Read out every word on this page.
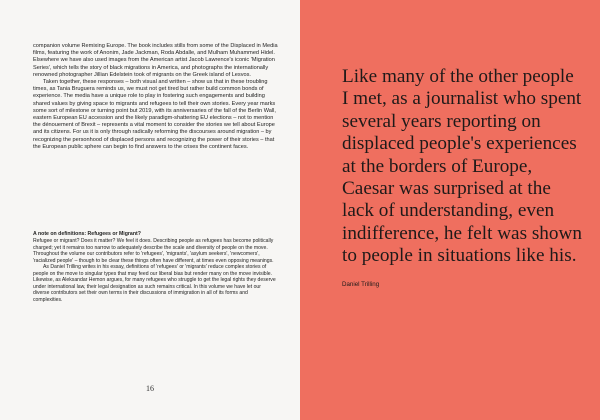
companion volume Remixing Europe. The book includes stills from some of the Displaced in Media films, featuring the work of Anonim, Jade Jackman, Roda Abdalle, and Mulham Muhammed Hidel. Elsewhere we have also used images from the American artist Jacob Lawrence's iconic 'Migration Series', which tells the story of black migrations in America, and photographs the internationally renowned photographer Jillian Edelstein took of migrants on the Greek island of Lesvos.

Taken together, these responses – both visual and written – show us that in these troubling times, as Tania Bruguera reminds us, we must not get tired but rather build common bonds of experience. The media have a unique role to play in fostering such engagements and building shared values by giving space to migrants and refugees to tell their own stories. Every year marks some sort of milestone or turning point but 2019, with its anniversaries of the fall of the Berlin Wall, eastern European EU accession and the likely paradigm-shattering EU elections – not to mention the dénouement of Brexit – represents a vital moment to consider the stories we tell about Europe and its citizens. For us it is only through radically reforming the discourses around migration – by recognizing the personhood of displaced persons and recognizing the power of their stories – that the European public sphere can begin to find answers to the crises the continent faces.

A note on definitions: Refugees or Migrant?

Refugee or migrant? Does it matter? We feel it does. Describing people as refugees has become politically charged; yet it remains too narrow to adequately describe the scale and diversity of people on the move. Throughout the volume our contributors refer to 'refugees', 'migrants', 'asylum seekers', 'newcomers', 'racialized people' – though to be clear these things often have different, at times even opposing meanings.

As Daniel Trilling writes in his essay, definitions of 'refugees' or 'migrants' reduce complex stories of people on the move to singular types that may feed our liberal bias but render many on the move invisible. Likewise, as Aleksandar Hemon argues, for many refugees who struggle to get the legal rights they deserve under international law, their legal designation as such remains critical. In this volume we have let our diverse contributors set their own terms in their discussions of immigration in all of its forms and complexities.

16

Like many of the other people I met, as a journalist who spent several years reporting on displaced people's experiences at the borders of Europe, Caesar was surprised at the lack of understanding, even indifference, he felt was shown to people in situations like his.

Daniel Trilling
